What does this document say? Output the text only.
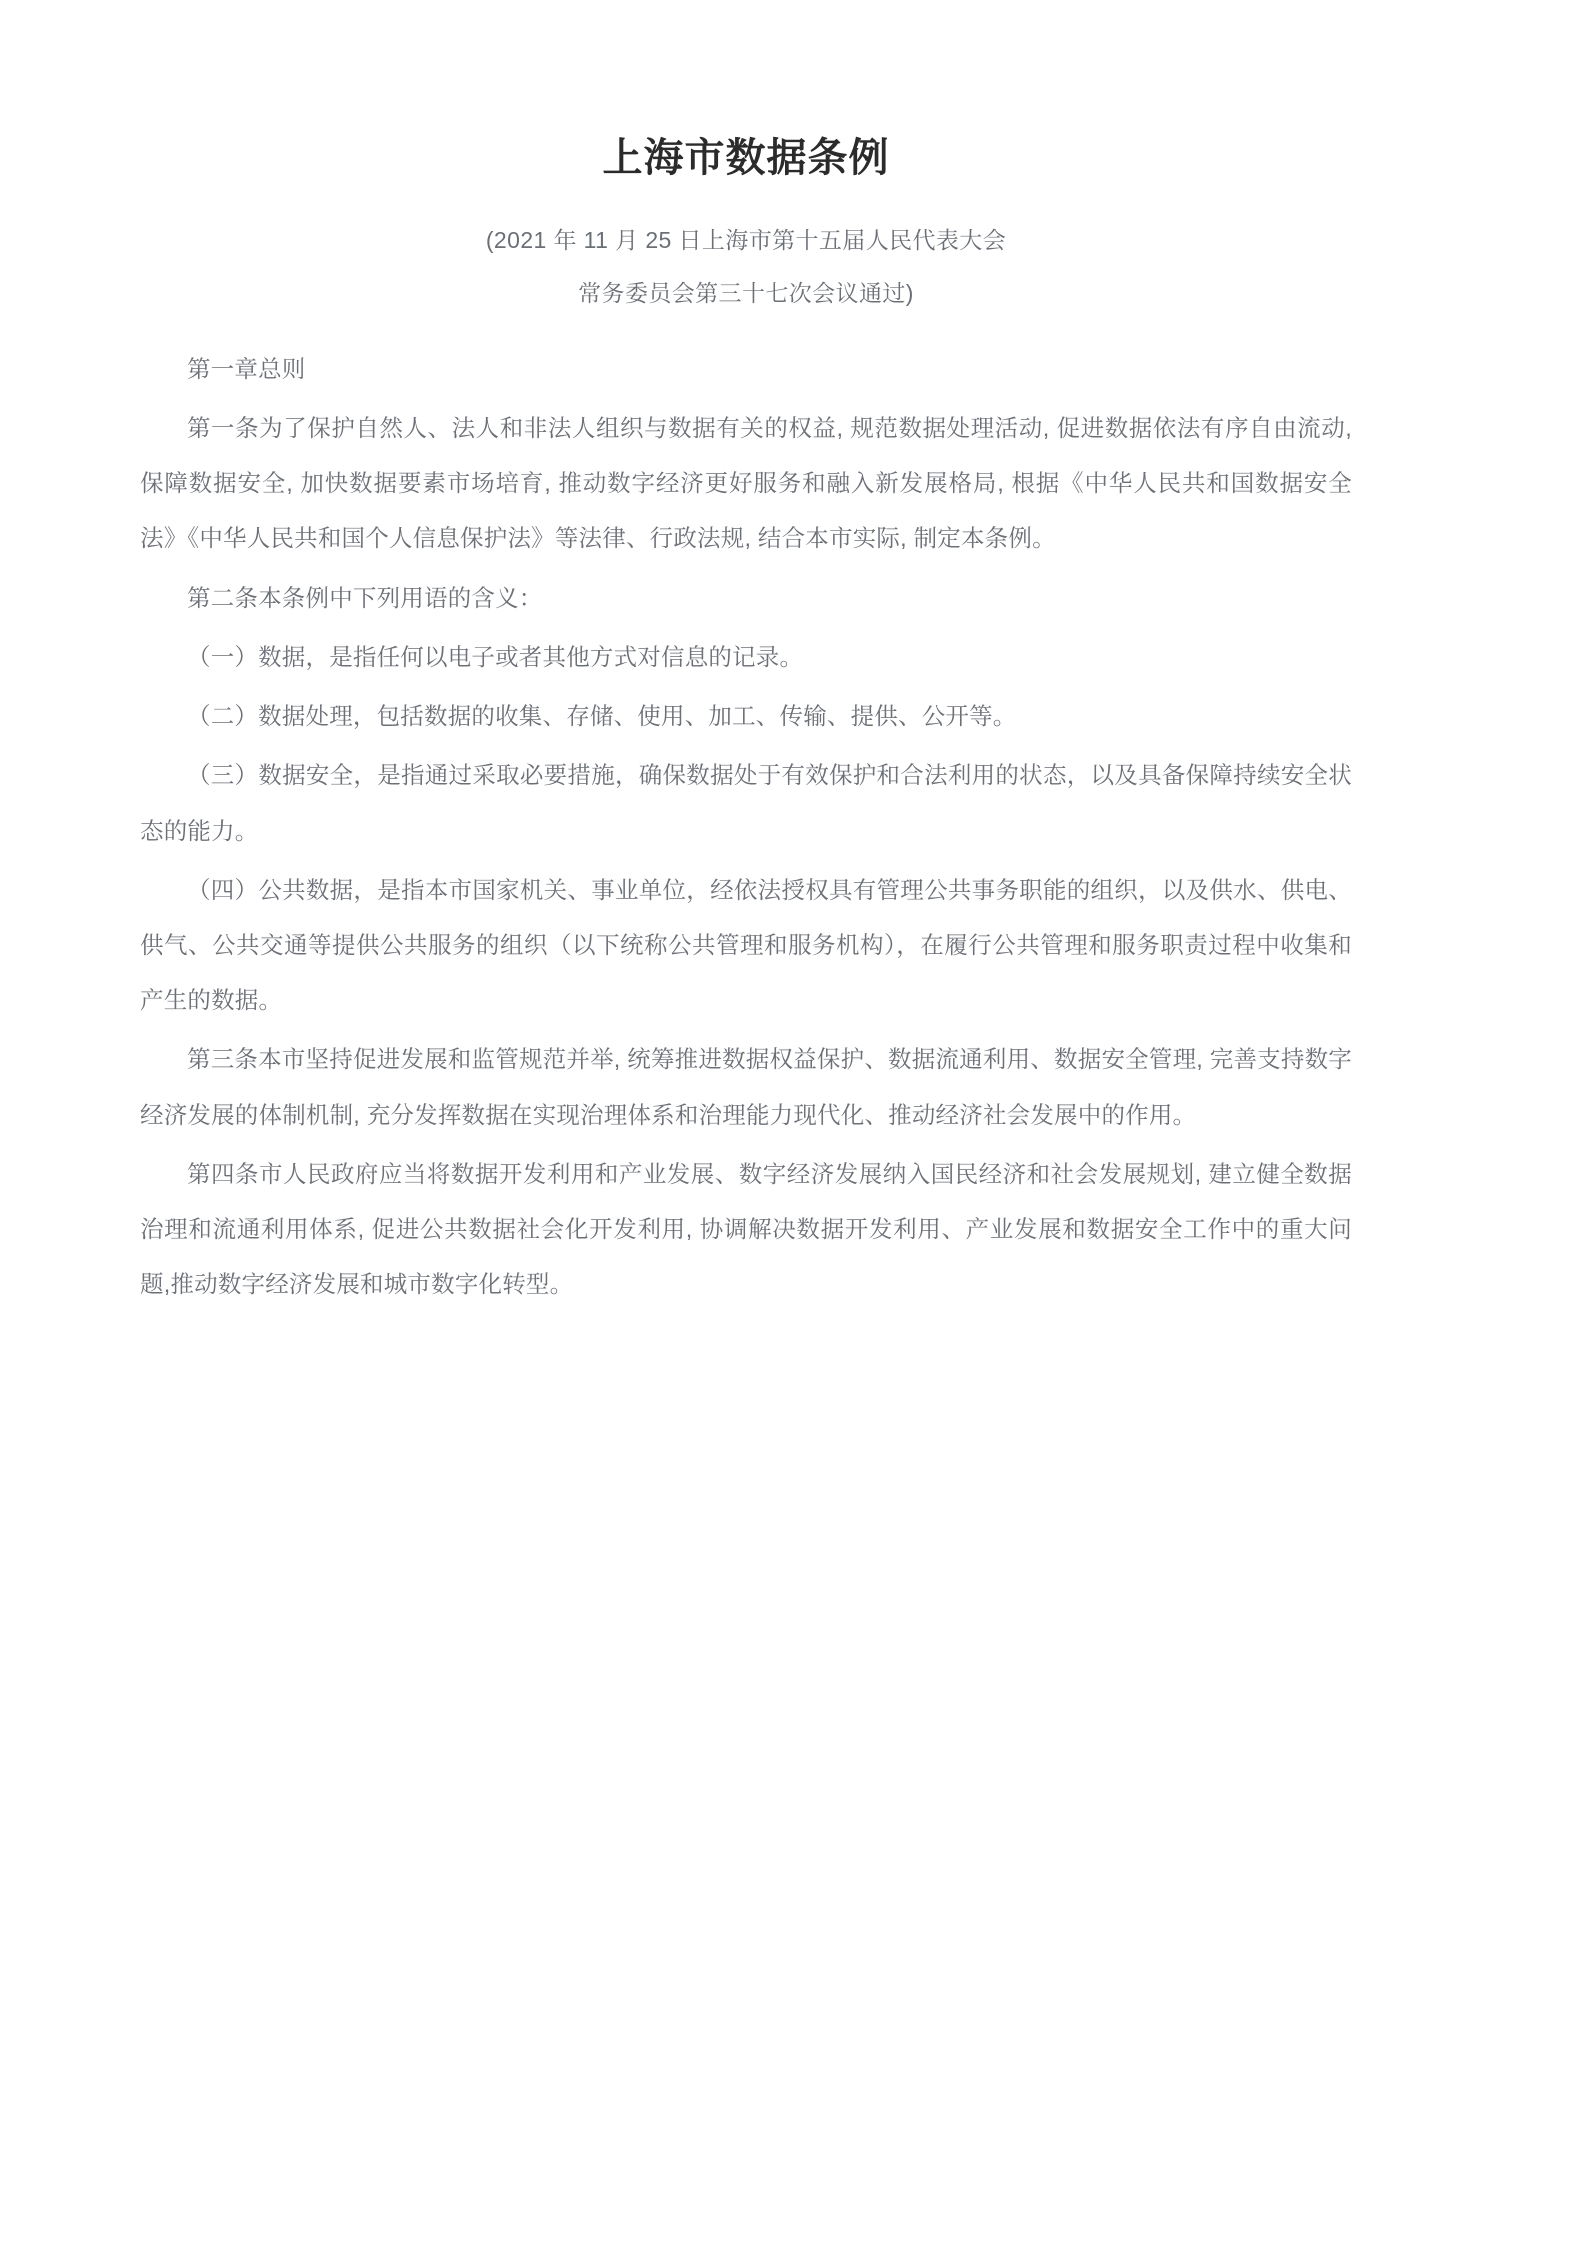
上海市数据条例
(2021 年 11 月 25 日上海市第十五届人民代表大会
常务委员会第三十七次会议通过)

第一章总则

第一条为了保护自然人、法人和非法人组织与数据有关的权益, 规范数据处理活动, 促进数据依法有序自由流动, 保障数据安全, 加快数据要素市场培育, 推动数字经济更好服务和融入新发展格局, 根据《中华人民共和国数据安全法》《中华人民共和国个人信息保护法》等法律、行政法规, 结合本市实际, 制定本条例。

第二条本条例中下列用语的含义：

（一）数据，是指任何以电子或者其他方式对信息的记录。

（二）数据处理，包括数据的收集、存储、使用、加工、传输、提供、公开等。

（三）数据安全，是指通过采取必要措施，确保数据处于有效保护和合法利用的状态，以及具备保障持续安全状态的能力。

（四）公共数据，是指本市国家机关、事业单位，经依法授权具有管理公共事务职能的组织，以及供水、供电、供气、公共交通等提供公共服务的组织（以下统称公共管理和服务机构），在履行公共管理和服务职责过程中收集和产生的数据。

第三条本市坚持促进发展和监管规范并举, 统筹推进数据权益保护、数据流通利用、数据安全管理, 完善支持数字经济发展的体制机制, 充分发挥数据在实现治理体系和治理能力现代化、推动经济社会发展中的作用。

第四条市人民政府应当将数据开发利用和产业发展、数字经济发展纳入国民经济和社会发展规划, 建立健全数据治理和流通利用体系, 促进公共数据社会化开发利用, 协调解决数据开发利用、产业发展和数据安全工作中的重大问题,推动数字经济发展和城市数字化转型。
